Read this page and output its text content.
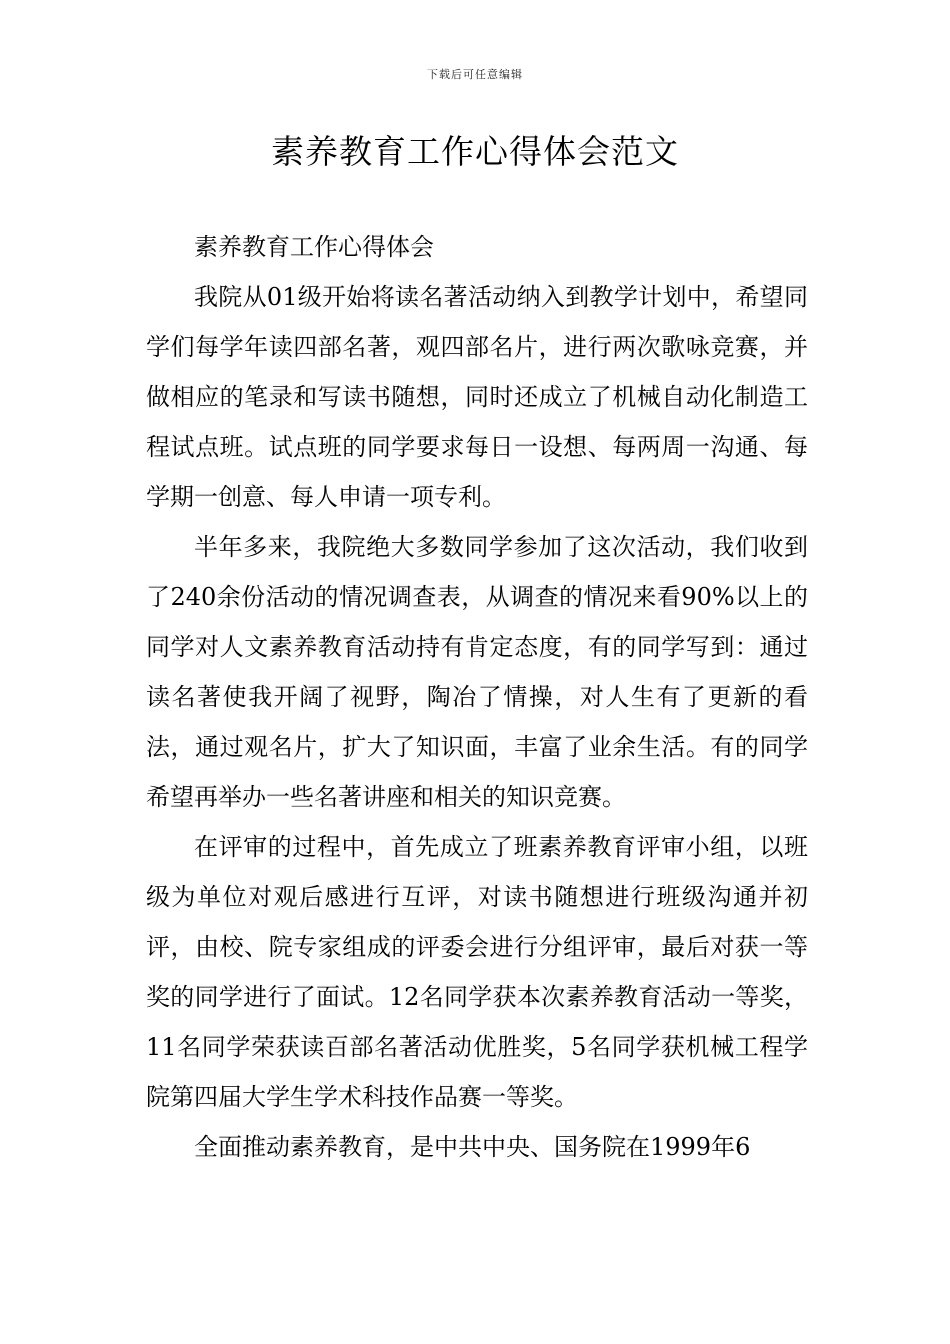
下载后可任意编辑
素养教育工作心得体会范文

素养教育工作心得体会

我院从01级开始将读名著活动纳入到教学计划中，希望同学们每学年读四部名著，观四部名片，进行两次歌咏竞赛，并做相应的笔录和写读书随想，同时还成立了机械自动化制造工程试点班。试点班的同学要求每日一设想、每两周一沟通、每学期一创意、每人申请一项专利。

半年多来，我院绝大多数同学参加了这次活动，我们收到了240余份活动的情况调查表，从调查的情况来看90%以上的同学对人文素养教育活动持有肯定态度，有的同学写到：通过读名著使我开阔了视野，陶冶了情操，对人生有了更新的看法，通过观名片，扩大了知识面，丰富了业余生活。有的同学希望再举办一些名著讲座和相关的知识竞赛。

在评审的过程中，首先成立了班素养教育评审小组，以班级为单位对观后感进行互评，对读书随想进行班级沟通并初评，由校、院专家组成的评委会进行分组评审，最后对获一等奖的同学进行了面试。12名同学获本次素养教育活动一等奖，11名同学荣获读百部名著活动优胜奖，5名同学获机械工程学院第四届大学生学术科技作品赛一等奖。

全面推动素养教育，是中共中央、国务院在1999年6
